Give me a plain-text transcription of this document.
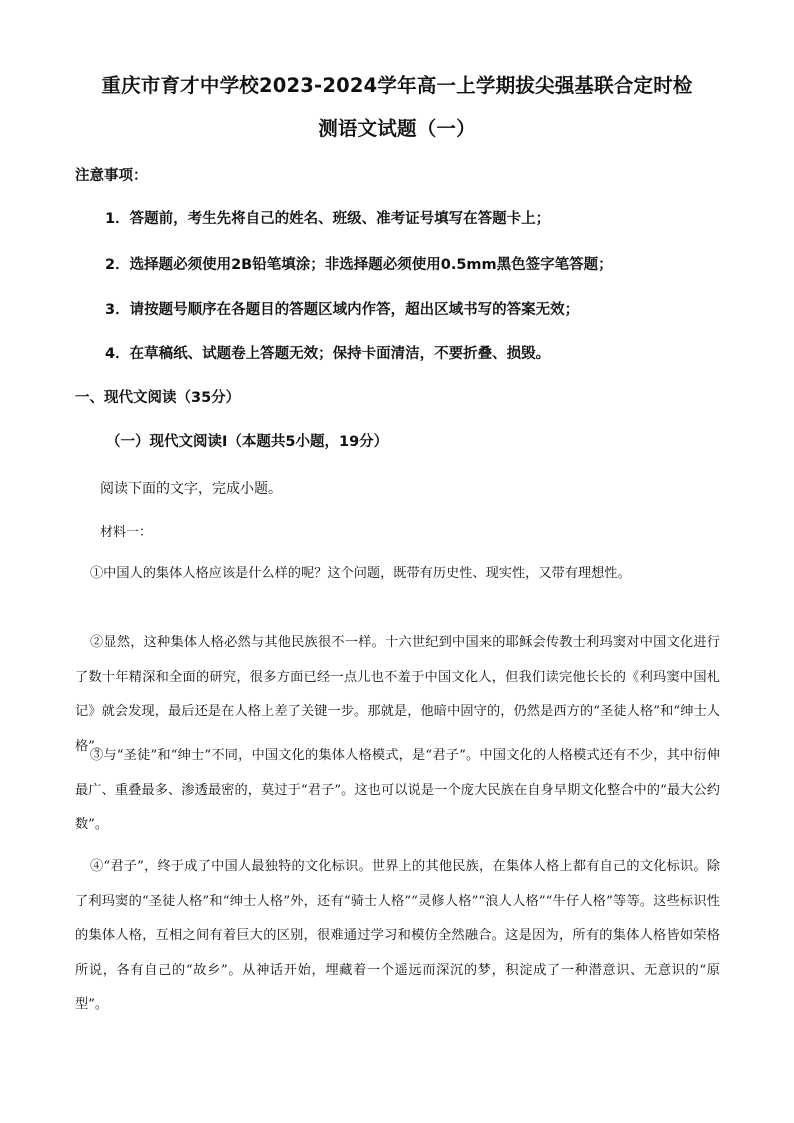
重庆市育才中学校2023-2024学年高一上学期拔尖强基联合定时检
测语文试题（一）
注意事项：
1．答题前，考生先将自己的姓名、班级、准考证号填写在答题卡上；
2．选择题必须使用2B铅笔填涂；非选择题必须使用0.5mm黑色签字笔答题；
3．请按题号顺序在各题目的答题区域内作答，超出区域书写的答案无效；
4．在草稿纸、试题卷上答题无效；保持卡面清洁，不要折叠、损毁。
一、现代文阅读（35分）
（一）现代文阅读Ⅰ（本题共5小题，19分）
阅读下面的文字，完成小题。
材料一：

①中国人的集体人格应该是什么样的呢？这个问题，既带有历史性、现实性，又带有理想性。

②显然，这种集体人格必然与其他民族很不一样。十六世纪到中国来的耶稣会传教士利玛窦对中国文化进行了数十年精深和全面的研究，很多方面已经一点儿也不羞于中国文化人，但我们读完他长长的《利玛窦中国札记》就会发现，最后还是在人格上差了关键一步。那就是，他暗中固守的，仍然是西方的“圣徒人格”和“绅士人格”。

③与“圣徒”和“绅士”不同，中国文化的集体人格模式，是“君子”。中国文化的人格模式还有不少，其中衍伸最广、重叠最多、渗透最密的，莫过于“君子”。这也可以说是一个庞大民族在自身早期文化整合中的“最大公约数”。

④“君子”，终于成了中国人最独特的文化标识。世界上的其他民族，在集体人格上都有自己的文化标识。除了利玛窦的“圣徒人格”和“绅士人格”外，还有“骑士人格”“灵修人格”“浪人人格”“牛仔人格”等等。这些标识性的集体人格，互相之间有着巨大的区别，很难通过学习和模仿全然融合。这是因为，所有的集体人格皆如荣格所说，各有自己的“故乡”。从神话开始，埋藏着一个遥远而深沉的梦，积淀成了一种潜意识、无意识的“原型”。
